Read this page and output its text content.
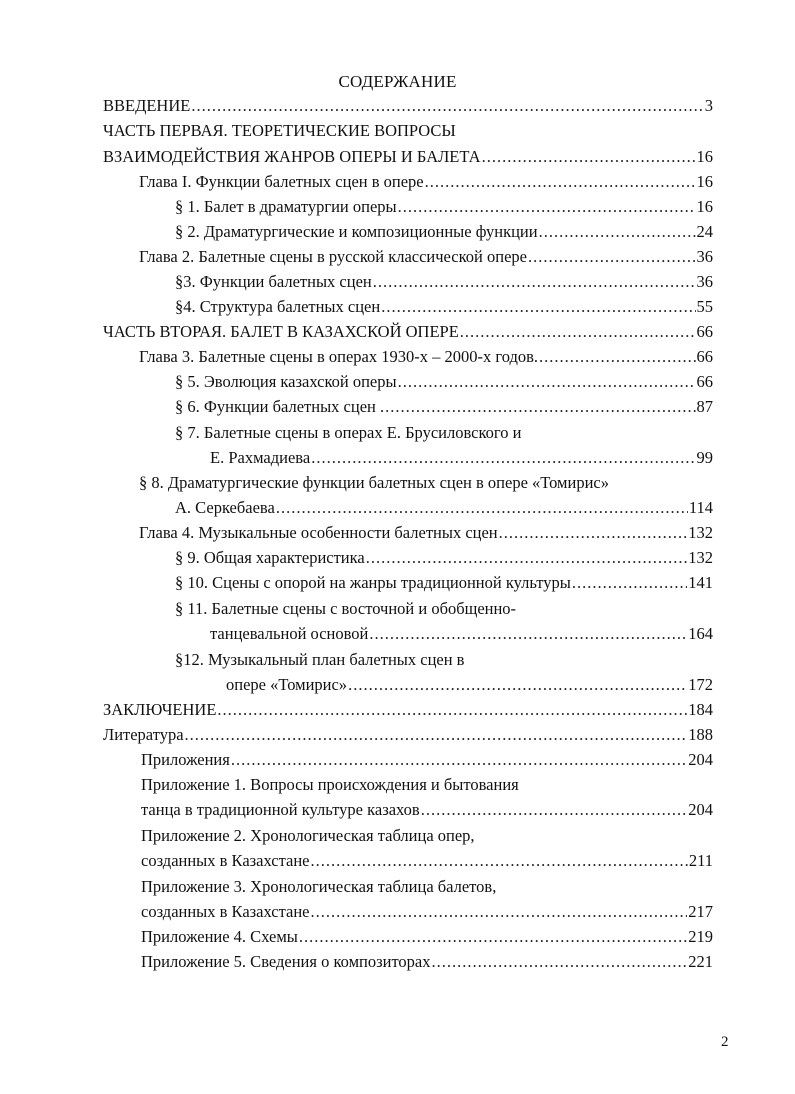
СОДЕРЖАНИЕ
ВВЕДЕНИЕ .....	3
ЧАСТЬ ПЕРВАЯ. ТЕОРЕТИЧЕСКИЕ ВОПРОСЫ
ВЗАИМОДЕЙСТВИЯ ЖАНРОВ ОПЕРЫ И БАЛЕТА .....	16
Глава I. Функции балетных сцен в опере .....	16
§ 1. Балет в драматургии оперы .....	16
§ 2. Драматургические и композиционные функции .....	24
Глава 2. Балетные сцены в русской классической опере .....	36
§3. Функции балетных сцен .....	36
§4. Структура балетных сцен .....	55
ЧАСТЬ ВТОРАЯ. БАЛЕТ В КАЗАХСКОЙ ОПЕРЕ .....	66
Глава 3. Балетные сцены в операх 1930-х – 2000-х годов. .....	66
§ 5. Эволюция казахской оперы .....	66
§ 6. Функции балетных сцен . .....	87
§ 7. Балетные сцены в операх Е. Брусиловского и
Е. Рахмадиева .....	99
§ 8. Драматургические функции балетных сцен в опере «Томирис»
А. Серкебаева .....	114
Глава 4. Музыкальные особенности балетных сцен .....	132
§ 9. Общая характеристика .....	132
§ 10. Сцены с опорой на жанры традиционной культуры .....	141
§ 11. Балетные сцены с восточной и обобщенно-
танцевальной основой .....	164
§12. Музыкальный план балетных сцен в
опере «Томирис» .....	172
ЗАКЛЮЧЕНИЕ .....	184
Литература .....	188
Приложения .....	204
Приложение 1. Вопросы происхождения и бытования
танца в традиционной культуре казахов .....	204
Приложение 2. Хронологическая таблица опер,
созданных в Казахстане .....	211
Приложение 3. Хронологическая таблица балетов,
созданных в Казахстане .....	217
Приложение 4. Схемы .....	219
Приложение 5. Сведения о композиторах .....	221
2
